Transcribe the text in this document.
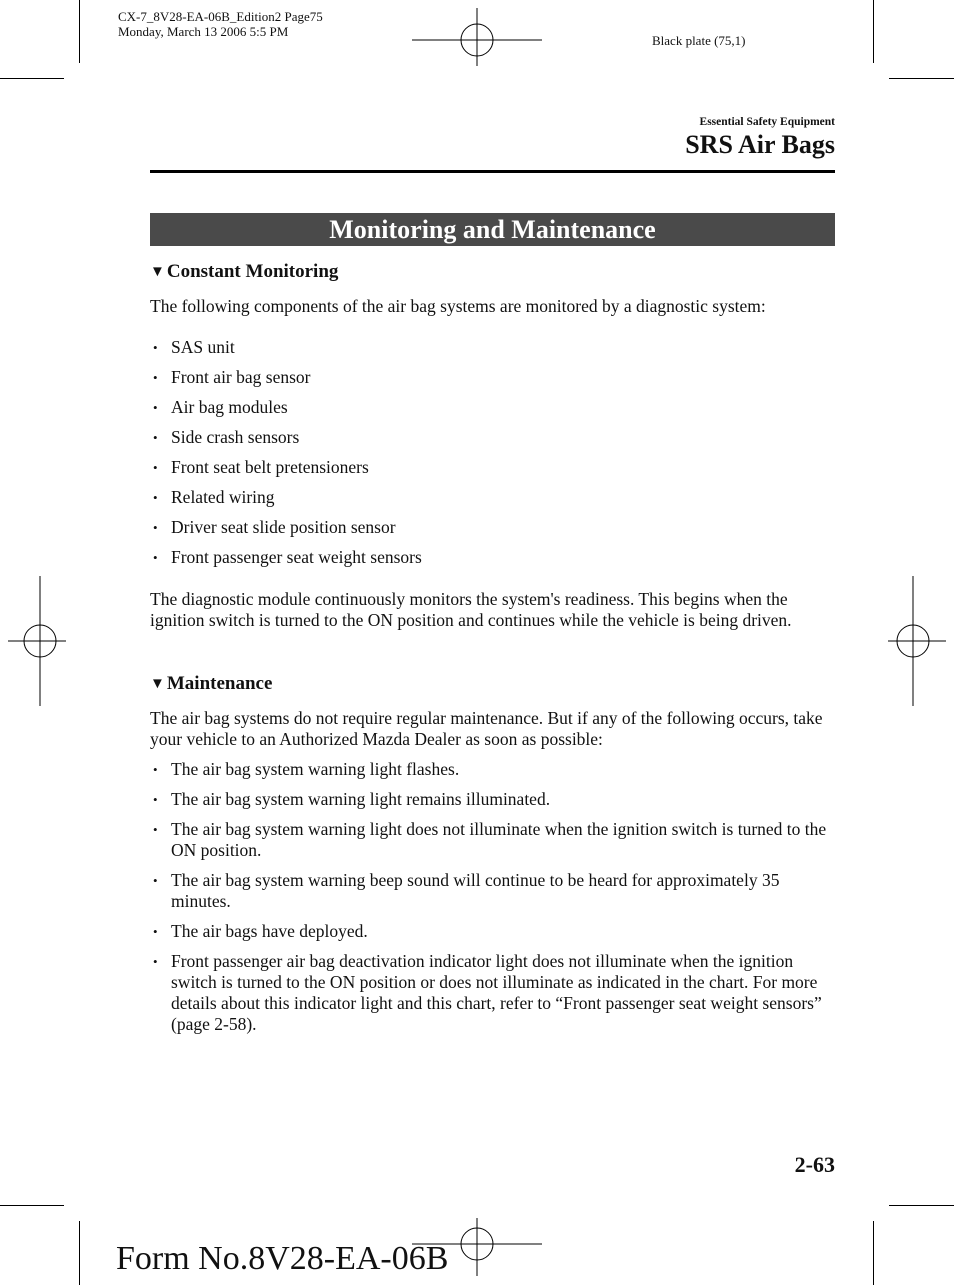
CX-7_8V28-EA-06B_Edition2 Page75
Monday, March 13 2006 5:5 PM
Black plate (75,1)
Essential Safety Equipment
SRS Air Bags
Monitoring and Maintenance
▼ Constant Monitoring
The following components of the air bag systems are monitored by a diagnostic system:
• SAS unit
• Front air bag sensor
• Air bag modules
• Side crash sensors
• Front seat belt pretensioners
• Related wiring
• Driver seat slide position sensor
• Front passenger seat weight sensors
The diagnostic module continuously monitors the system's readiness. This begins when the ignition switch is turned to the ON position and continues while the vehicle is being driven.
▼ Maintenance
The air bag systems do not require regular maintenance. But if any of the following occurs, take your vehicle to an Authorized Mazda Dealer as soon as possible:
• The air bag system warning light flashes.
• The air bag system warning light remains illuminated.
• The air bag system warning light does not illuminate when the ignition switch is turned to the ON position.
• The air bag system warning beep sound will continue to be heard for approximately 35 minutes.
• The air bags have deployed.
• Front passenger air bag deactivation indicator light does not illuminate when the ignition switch is turned to the ON position or does not illuminate as indicated in the chart. For more details about this indicator light and this chart, refer to “Front passenger seat weight sensors” (page 2-58).
2-63
Form No.8V28-EA-06B
